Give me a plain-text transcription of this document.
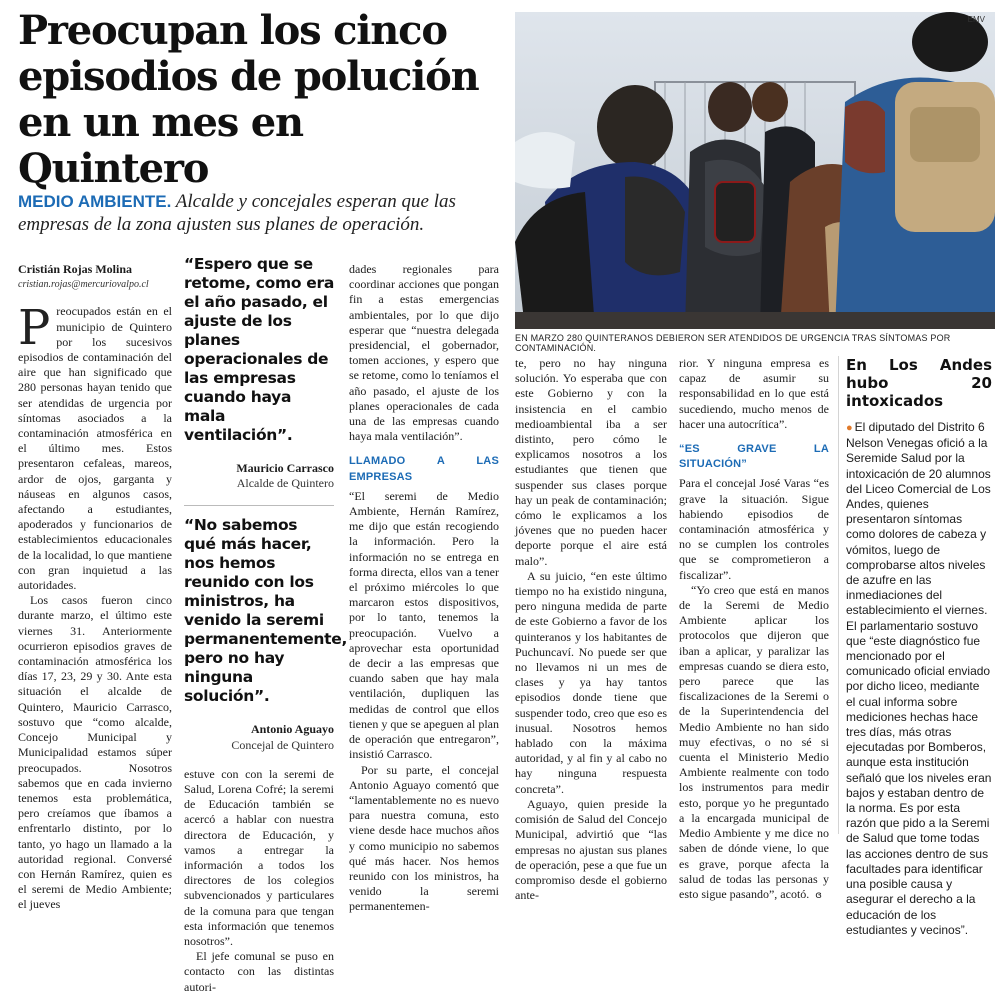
Preocupan los cinco episodios de polución en un mes en Quintero
MEDIO AMBIENTE. Alcalde y concejales esperan que las empresas de la zona ajusten sus planes de operación.
EMV
EN MARZO 280 QUINTERANOS DEBIERON SER ATENDIDOS DE URGENCIA TRAS SÍNTOMAS POR CONTAMINACIÓN.
Cristián Rojas Molina
cristian.rojas@mercuriovalpo.cl

Preocupados están en el municipio de Quintero por los sucesivos episodios de contaminación del aire que han significado que 280 personas hayan tenido que ser atendidas de urgencia por síntomas asociados a la contaminación atmosférica en el último mes. Estos presentaron cefaleas, mareos, ardor de ojos, garganta y náuseas en algunos casos, afectando a estudiantes, apoderados y funcionarios de establecimientos educacionales de la localidad, lo que mantiene con gran inquietud a las autoridades.

Los casos fueron cinco durante marzo, el último este viernes 31. Anteriormente ocurrieron episodios graves de contaminación atmosférica los días 17, 23, 29 y 30. Ante esta situación el alcalde de Quintero, Mauricio Carrasco, sostuvo que “como alcalde, Concejo Municipal y Municipalidad estamos súper preocupados. Nosotros sabemos que en cada invierno tenemos esta problemática, pero creíamos que íbamos a enfrentarlo distinto, por lo tanto, yo hago un llamado a la autoridad regional. Conversé con Hernán Ramírez, quien es el seremi de Medio Ambiente; el jueves

“Espero que se retome, como era el año pasado, el ajuste de los planes operacionales de las empresas cuando haya mala ventilación”.
Mauricio Carrasco
Alcalde de Quintero
“No sabemos qué más hacer, nos hemos reunido con los ministros, ha venido la seremi permanentemente, pero no hay ninguna solución”.
Antonio Aguayo
Concejal de Quintero

estuve con con la seremi de Salud, Lorena Cofré; la seremi de Educación también se acercó a hablar con nuestra directora de Educación, y vamos a entregar la información a todos los directores de los colegios subvencionados y particulares de la comuna para que tengan esta información que tenemos nosotros”.

El jefe comunal se puso en contacto con las distintas autori-

dades regionales para coordinar acciones que pongan fin a estas emergencias ambientales, por lo que dijo esperar que “nuestra delegada presidencial, el gobernador, tomen acciones, y espero que se retome, como lo teníamos el año pasado, el ajuste de los planes operacionales de cada una de las empresas cuando haya mala ventilación”.

LLAMADO A LAS EMPRESAS

“El seremi de Medio Ambiente, Hernán Ramírez, me dijo que están recogiendo la información. Pero la información no se entrega en forma directa, ellos van a tener el próximo miércoles lo que marcaron estos dispositivos, por lo tanto, tenemos la preocupación. Vuelvo a aprovechar esta oportunidad de decir a las empresas que cuando saben que hay mala ventilación, dupliquen las medidas de control que ellos tienen y que se apeguen al plan de operación que entregaron”, insistió Carrasco.

Por su parte, el concejal Antonio Aguayo comentó que “lamentablemente no es nuevo para nuestra comuna, esto viene desde hace muchos años y como municipio no sabemos qué más hacer. Nos hemos reunido con los ministros, ha venido la seremi permanentemen-

te, pero no hay ninguna solución. Yo esperaba que con este Gobierno y con la insistencia en el cambio medioambiental iba a ser distinto, pero cómo le explicamos nosotros a los estudiantes que tienen que suspender sus clases porque hay un peak de contaminación; cómo le explicamos a los jóvenes que no pueden hacer deporte porque el aire está malo”.

A su juicio, “en este último tiempo no ha existido ninguna, pero ninguna medida de parte de este Gobierno a favor de los quinteranos y los habitantes de Puchuncaví. No puede ser que no llevamos ni un mes de clases y ya hay tantos episodios donde tiene que suspender todo, creo que eso es inusual. Nosotros hemos hablado con la máxima autoridad, y al fin y al cabo no hay ninguna respuesta concreta”.

Aguayo, quien preside la comisión de Salud del Concejo Municipal, advirtió que “las empresas no ajustan sus planes de operación, pese a que fue un compromiso desde el gobierno ante-

rior. Y ninguna empresa es capaz de asumir su responsabilidad en lo que está sucediendo, mucho menos de hacer una autocrítica”.

“ES GRAVE LA SITUACIÓN”

Para el concejal José Varas “es grave la situación. Sigue habiendo episodios de contaminación atmosférica y no se cumplen los controles que se comprometieron a fiscalizar”.

“Yo creo que está en manos de la Seremi de Medio Ambiente aplicar los protocolos que dijeron que iban a aplicar, y paralizar las empresas cuando se diera esto, pero parece que las fiscalizaciones de la Seremi o de la Superintendencia del Medio Ambiente no han sido muy efectivas, o no sé si cuenta el Ministerio Medio Ambiente realmente con todo los instrumentos para medir esto, porque yo he preguntado a la encargada municipal de Medio Ambiente y me dice no saben de dónde viene, lo que es grave, porque afecta la salud de todas las personas y esto sigue pasando”, acotó. ɞ

En Los Andes hubo 20 intoxicados

● El diputado del Distrito 6 Nelson Venegas ofició a la Seremide Salud por la intoxicación de 20 alumnos del Liceo Comercial de Los Andes, quienes presentaron síntomas como dolores de cabeza y vómitos, luego de comprobarse altos niveles de azufre en las inmediaciones del establecimiento el viernes. El parlamentario sostuvo que “este diagnóstico fue mencionado por el comunicado oficial enviado por dicho liceo, mediante el cual informa sobre mediciones hechas hace tres días, más otras ejecutadas por Bomberos, aunque esta institución señaló que los niveles eran bajos y estaban dentro de la norma. Es por esta razón que pido a la Seremi de Salud que tome todas las acciones dentro de sus facultades para identificar una posible causa y asegurar el derecho a la educación de los estudiantes y vecinos”.
